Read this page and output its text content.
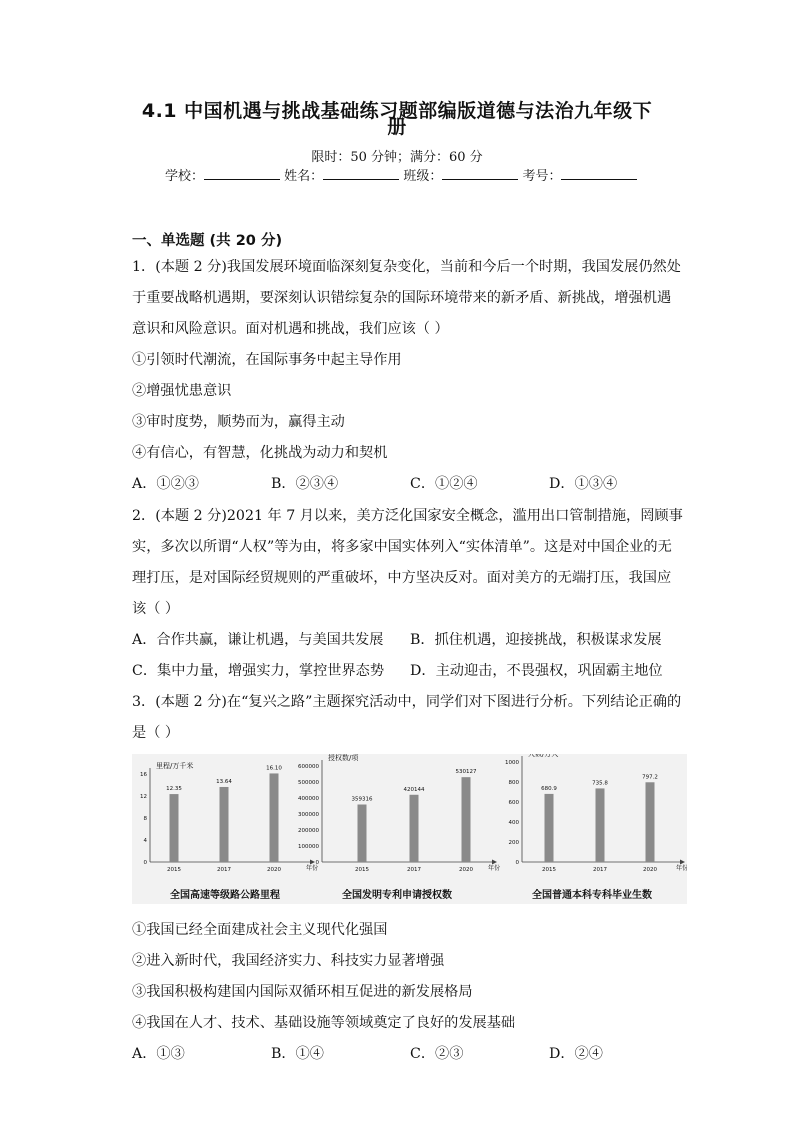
4.1 中国机遇与挑战基础练习题部编版道德与法治九年级下
册
限时：50 分钟；满分：60 分
学校：	姓名：	班级：	考号：
一、单选题 (共 20 分)
1．(本题 2 分)我国发展环境面临深刻复杂变化，当前和今后一个时期，我国发展仍然处
于重要战略机遇期，要深刻认识错综复杂的国际环境带来的新矛盾、新挑战，增强机遇
意识和风险意识。面对机遇和挑战，我们应该（ ）
①引领时代潮流，在国际事务中起主导作用
②增强忧患意识
③审时度势，顺势而为，赢得主动
④有信心，有智慧，化挑战为动力和契机
A．①②③	B．②③④	C．①②④	D．①③④
2．(本题 2 分)2021 年 7 月以来，美方泛化国家安全概念，滥用出口管制措施，罔顾事
实，多次以所谓“人权”等为由，将多家中国实体列入“实体清单”。这是对中国企业的无
理打压，是对国际经贸规则的严重破坏，中方坚决反对。面对美方的无端打压，我国应
该（ ）
A．合作共赢，谦让机遇，与美国共发展 B．抓住机遇，迎接挑战，积极谋求发展
C．集中力量，增强实力，掌控世界态势 D．主动迎击，不畏强权，巩固霸主地位
3．(本题 2 分)在“复兴之路”主题探究活动中，同学们对下图进行分析。下列结论正确的
是（ ）
里程/万千米
年份
16
12
8
4
0
12.35
2015
13.64
2017
16.10
2020
授权数/项
年份
600000
500000
400000
300000
200000
100000
0
359316
2015
420144
2017
530127
2020
人数/万人
年份
1000
800
600
400
200
0
680.9
2015
735.8
2017
797.2
2020
全国高速等级路公路里程	全国发明专利申请授权数	全国普通本科专科毕业生数
①我国已经全面建成社会主义现代化强国
②进入新时代，我国经济实力、科技实力显著增强
③我国积极构建国内国际双循环相互促进的新发展格局
④我国在人才、技术、基础设施等领域奠定了良好的发展基础
A．①③	B．①④	C．②③	D．②④
